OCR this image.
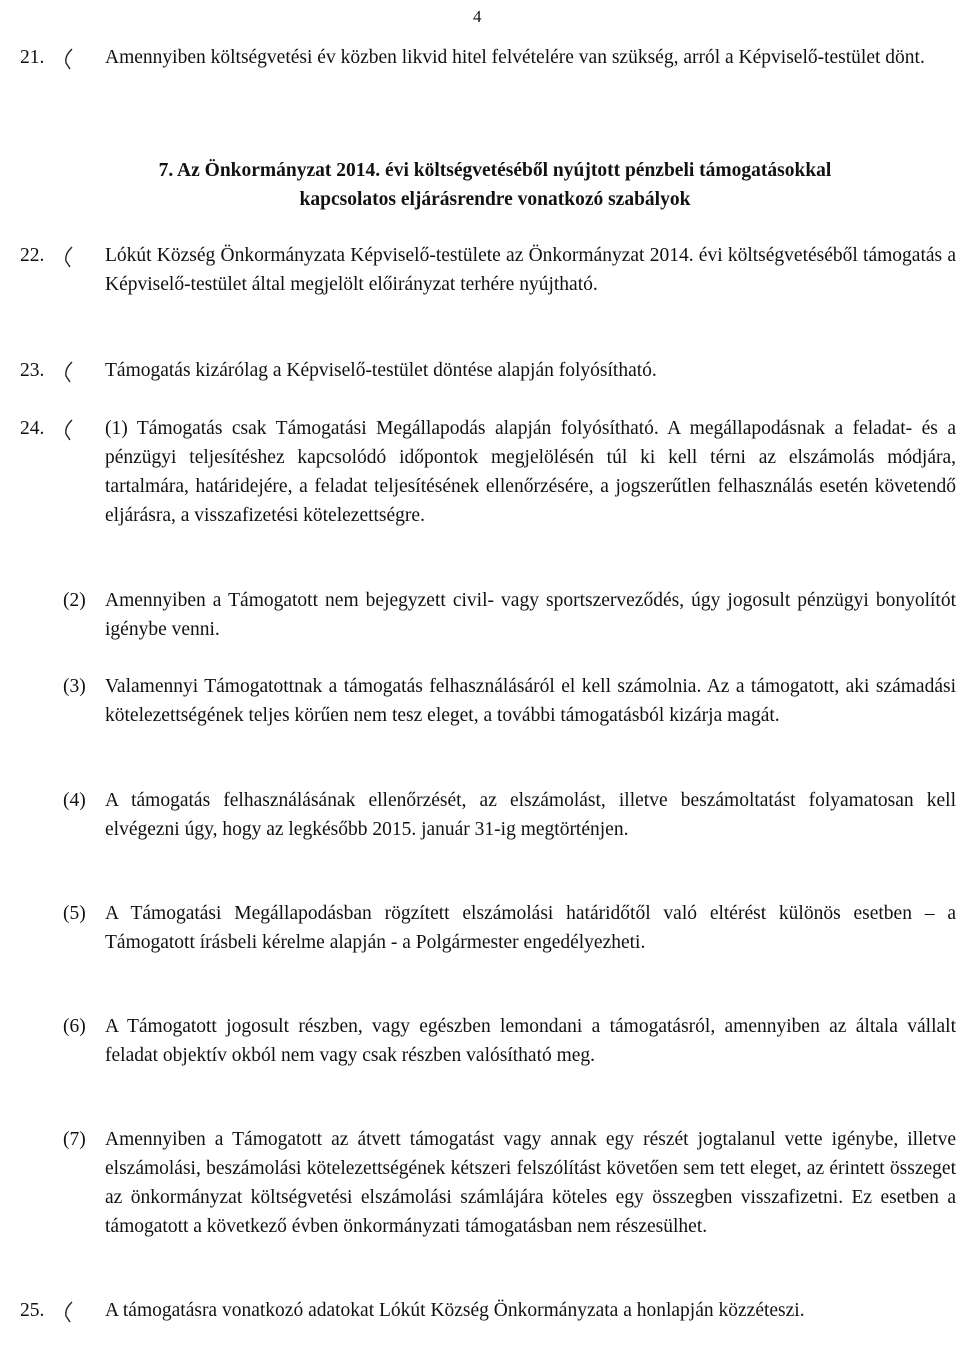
4
21.	Amennyiben költségvetési év közben likvid hitel felvételére van szükség, arról a Képviselő-testület dönt.
7. Az Önkormányzat 2014. évi költségvetéséből nyújtott pénzbeli támogatásokkal
kapcsolatos eljárásrendre vonatkozó szabályok
22.	Lókút Község Önkormányzata Képviselő-testülete az Önkormányzat 2014. évi költségvetéséből támogatás a Képviselő-testület által megjelölt előirányzat terhére nyújtható.
23.	Támogatás kizárólag a Képviselő-testület döntése alapján folyósítható.
24.	(1) Támogatás csak Támogatási Megállapodás alapján folyósítható. A megállapodásnak a feladat- és a pénzügyi teljesítéshez kapcsolódó időpontok megjelölésén túl ki kell térni az elszámolás módjára, tartalmára, határidejére, a feladat teljesítésének ellenőrzésére, a jogszerűtlen felhasználás esetén követendő eljárásra, a visszafizetési kötelezettségre.
(2) Amennyiben a Támogatott nem bejegyzett civil- vagy sportszerveződés, úgy jogosult pénzügyi bonyolítót igénybe venni.
(3) Valamennyi Támogatottnak a támogatás felhasználásáról el kell számolnia. Az a támogatott, aki számadási kötelezettségének teljes körűen nem tesz eleget, a további támogatásból kizárja magát.
(4) A támogatás felhasználásának ellenőrzését, az elszámolást, illetve beszámoltatást folyamatosan kell elvégezni úgy, hogy az legkésőbb 2015. január 31-ig megtörténjen.
(5) A Támogatási Megállapodásban rögzített elszámolási határidőtől való eltérést különös esetben – a Támogatott írásbeli kérelme alapján - a Polgármester engedélyezheti.
(6) A Támogatott jogosult részben, vagy egészben lemondani a támogatásról, amennyiben az általa vállalt feladat objektív okból nem vagy csak részben valósítható meg.
(7) Amennyiben a Támogatott az átvett támogatást vagy annak egy részét jogtalanul vette igénybe, illetve elszámolási, beszámolási kötelezettségének kétszeri felszólítást követően sem tett eleget, az érintett összeget az önkormányzat költségvetési elszámolási számlájára köteles egy összegben visszafizetni. Ez esetben a támogatott a következő évben önkormányzati támogatásban nem részesülhet.
25.	A támogatásra vonatkozó adatokat Lókút Község Önkormányzata a honlapján közzéteszi.
